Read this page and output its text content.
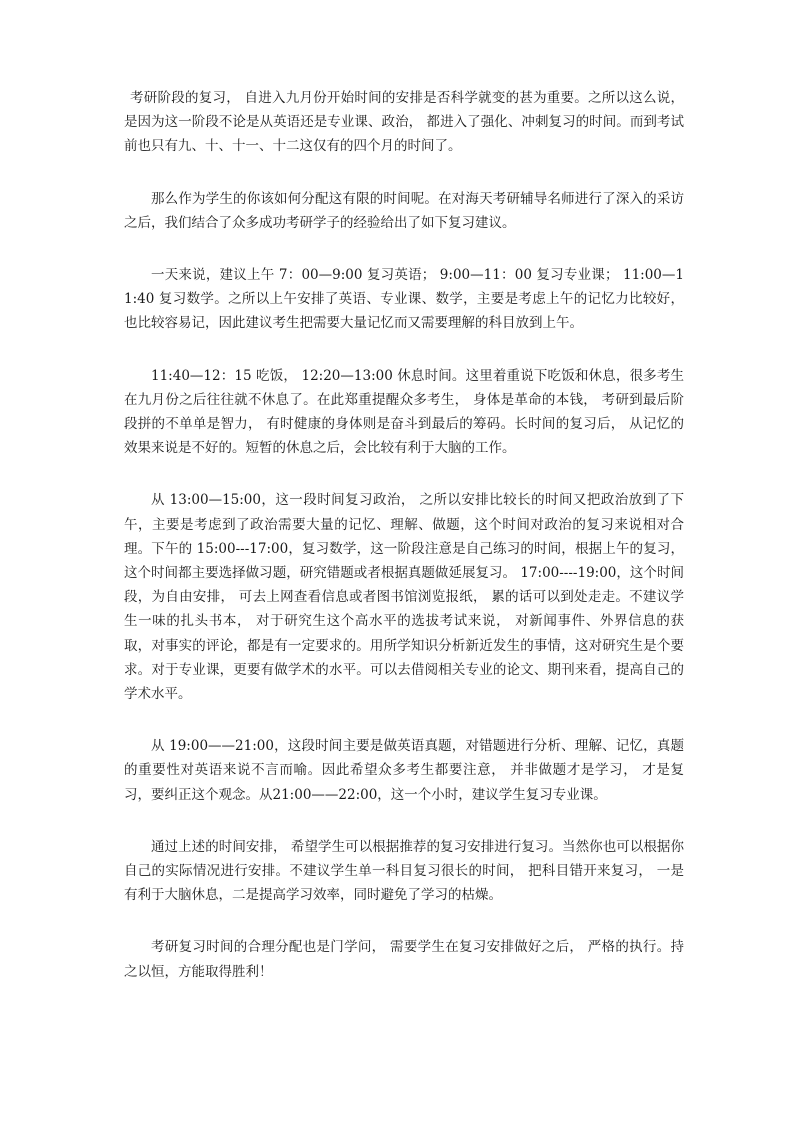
考研阶段的复习， 自进入九月份开始时间的安排是否科学就变的甚为重要。之所以这么说，是因为这一阶段不论是从英语还是专业课、政治， 都进入了强化、冲刺复习的时间。而到考试前也只有九、十、十一、十二这仅有的四个月的时间了。

那么作为学生的你该如何分配这有限的时间呢。在对海天考研辅导名师进行了深入的采访之后，我们结合了众多成功考研学子的经验给出了如下复习建议。

一天来说，建议上午 7：00—9:00 复习英语； 9:00—11：00 复习专业课； 11:00—11:40 复习数学。之所以上午安排了英语、专业课、数学，主要是考虑上午的记忆力比较好，也比较容易记，因此建议考生把需要大量记忆而又需要理解的科目放到上午。

11:40—12：15 吃饭， 12:20—13:00 休息时间。这里着重说下吃饭和休息，很多考生在九月份之后往往就不休息了。在此郑重提醒众多考生， 身体是革命的本钱， 考研到最后阶段拼的不单单是智力， 有时健康的身体则是奋斗到最后的筹码。长时间的复习后， 从记忆的效果来说是不好的。短暂的休息之后，会比较有利于大脑的工作。

从 13:00—15:00，这一段时间复习政治， 之所以安排比较长的时间又把政治放到了下午，主要是考虑到了政治需要大量的记忆、理解、做题，这个时间对政治的复习来说相对合理。下午的 15:00---17:00，复习数学，这一阶段注意是自己练习的时间，根据上午的复习，这个时间都主要选择做习题，研究错题或者根据真题做延展复习。 17:00----19:00，这个时间段，为自由安排， 可去上网查看信息或者图书馆浏览报纸， 累的话可以到处走走。不建议学生一味的扎头书本， 对于研究生这个高水平的选拔考试来说， 对新闻事件、外界信息的获取，对事实的评论，都是有一定要求的。用所学知识分析新近发生的事情，这对研究生是个要求。对于专业课，更要有做学术的水平。可以去借阅相关专业的论文、期刊来看，提高自己的学术水平。

从 19:00——21:00，这段时间主要是做英语真题，对错题进行分析、理解、记忆，真题的重要性对英语来说不言而喻。因此希望众多考生都要注意， 并非做题才是学习， 才是复习，要纠正这个观念。从21:00——22:00，这一个小时，建议学生复习专业课。

通过上述的时间安排， 希望学生可以根据推荐的复习安排进行复习。当然你也可以根据你自己的实际情况进行安排。不建议学生单一科目复习很长的时间， 把科目错开来复习， 一是有利于大脑休息，二是提高学习效率，同时避免了学习的枯燥。

考研复习时间的合理分配也是门学问， 需要学生在复习安排做好之后， 严格的执行。持之以恒，方能取得胜利！
